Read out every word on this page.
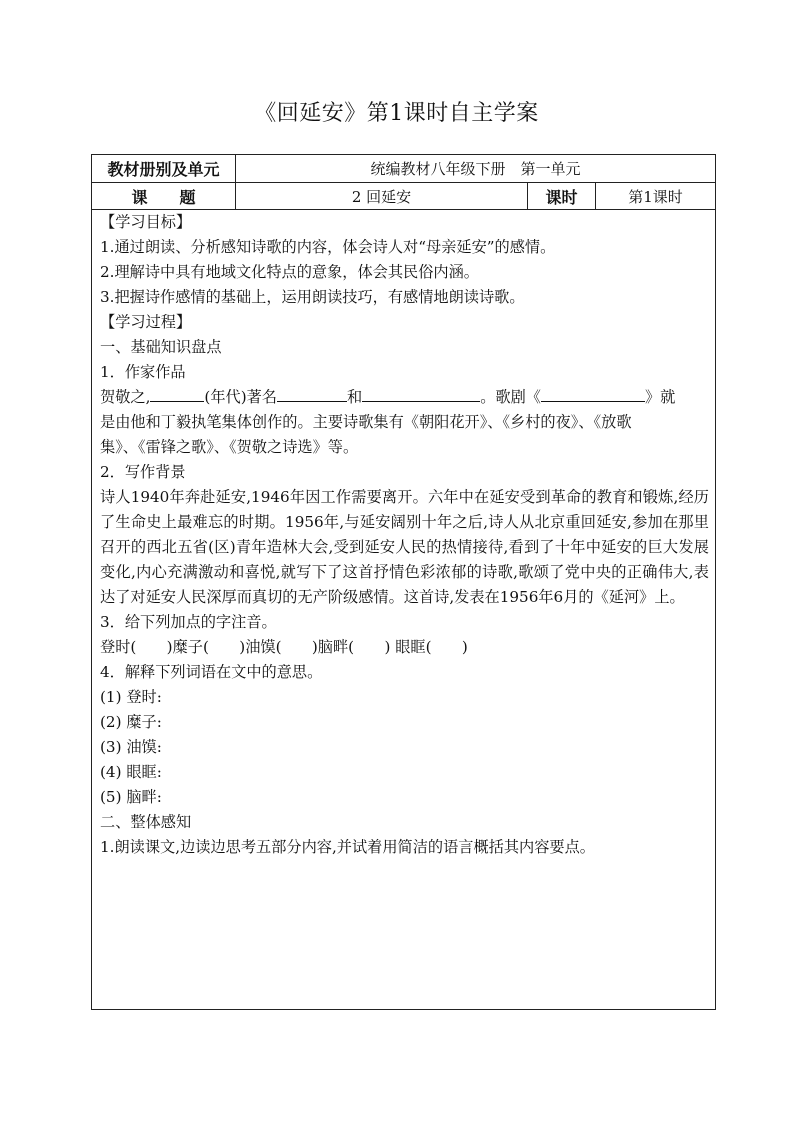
《回延安》第1课时自主学案
教材册别及单元	统编教材八年级下册　第一单元
课　　题	2 回延安	课时	第1课时
【学习目标】
1.通过朗读、分析感知诗歌的内容，体会诗人对“母亲延安”的感情。
2.理解诗中具有地域文化特点的意象，体会其民俗内涵。
3.把握诗作感情的基础上，运用朗读技巧，有感情地朗读诗歌。
【学习过程】
一、基础知识盘点
1．作家作品
贺敬之,	(年代)著名	和	。歌剧《	》就
是由他和丁毅执笔集体创作的。主要诗歌集有《朝阳花开》、《乡村的夜》、《放歌
集》、《雷锋之歌》、《贺敬之诗选》等。
2．写作背景
诗人1940年奔赴延安,1946年因工作需要离开。六年中在延安受到革命的教育和锻炼,经历了生命史上最难忘的时期。1956年,与延安阔别十年之后,诗人从北京重回延安,参加在那里召开的西北五省(区)青年造林大会,受到延安人民的热情接待,看到了十年中延安的巨大发展变化,内心充满激动和喜悦,就写下了这首抒情色彩浓郁的诗歌,歌颂了党中央的正确伟大,表达了对延安人民深厚而真切的无产阶级感情。这首诗,发表在1956年6月的《延河》上。
3．给下列加点的字注音。
登时(　　)糜子(　　)油馍(　　)脑畔(　　) 眼眶(　　)
4．解释下列词语在文中的意思。
(1) 登时:
(2) 糜子:
(3) 油馍:
(4) 眼眶:
(5) 脑畔:
二、整体感知
1.朗读课文,边读边思考五部分内容,并试着用简洁的语言概括其内容要点。
